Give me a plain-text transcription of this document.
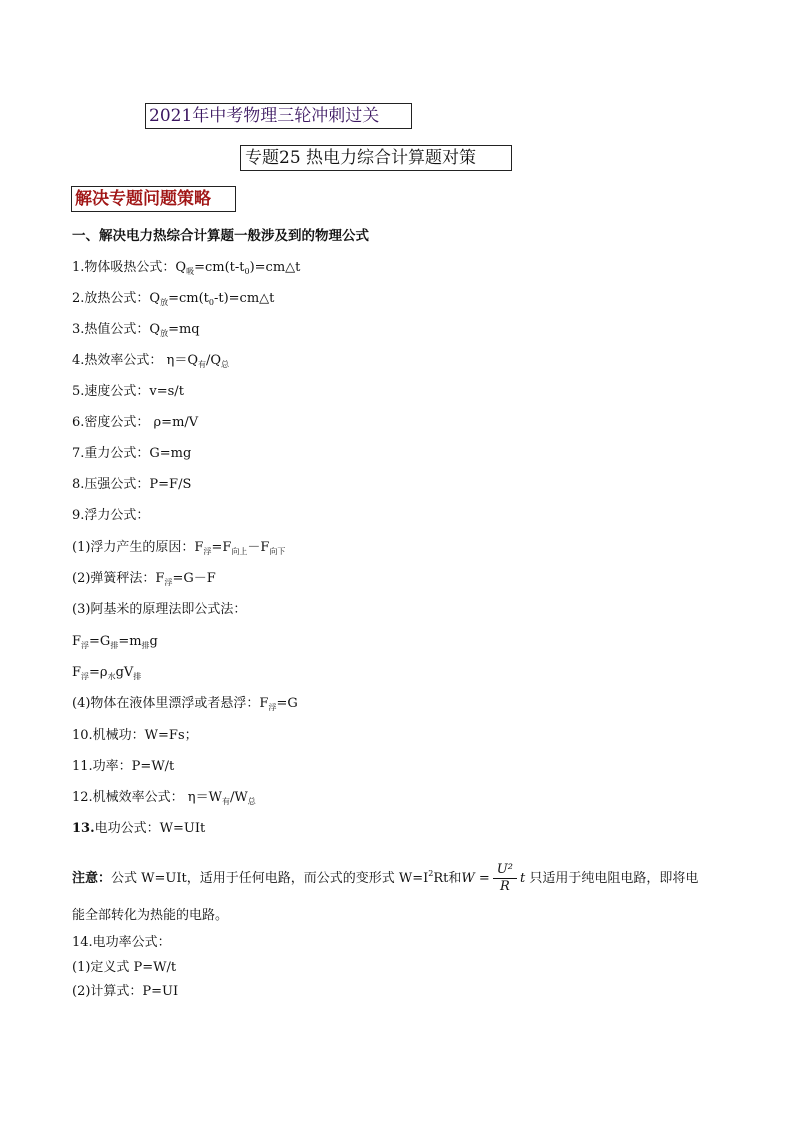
2021年中考物理三轮冲刺过关
专题25 热电力综合计算题对策
解决专题问题策略
一、解决电力热综合计算题一般涉及到的物理公式
1.物体吸热公式：$Q_吸=cm(t-t_0)=cm\triangle t$
2.放热公式：$Q_放=cm(t_0-t)=cm\triangle t$
3.热值公式：$Q_放=mq$
4.热效率公式： $\eta=Q_有/Q_总$
5.速度公式：v=s/t
6.密度公式： ρ=m/V
7.重力公式：G=mg
8.压强公式：P=F/S
9.浮力公式：
(1)浮力产生的原因：$F_浮=F_{向上}-F_{向下}$
(2)弹簧秤法：$F_浮=G-F$
(3)阿基米的原理法即公式法：
$F_浮=G_排=m_排g$
$F_浮=\rho_水gV_排$
(4)物体在液体里漂浮或者悬浮：$F_浮=G$
10.机械功：W=Fs；
11.功率：P=W/t
12.机械效率公式： $\eta=W_有/W_总$
13.电功公式：W=UIt
注意：公式 W=UIt，适用于任何电路，而公式的变形式 $W=I^2Rt$和$W = \frac{\text{U²}}{R}$ t 只适用于纯电阻电路，即将电
能全部转化为热能的电路。
14.电功率公式：
(1)定义式 P=W/t
(2)计算式：P=UI
